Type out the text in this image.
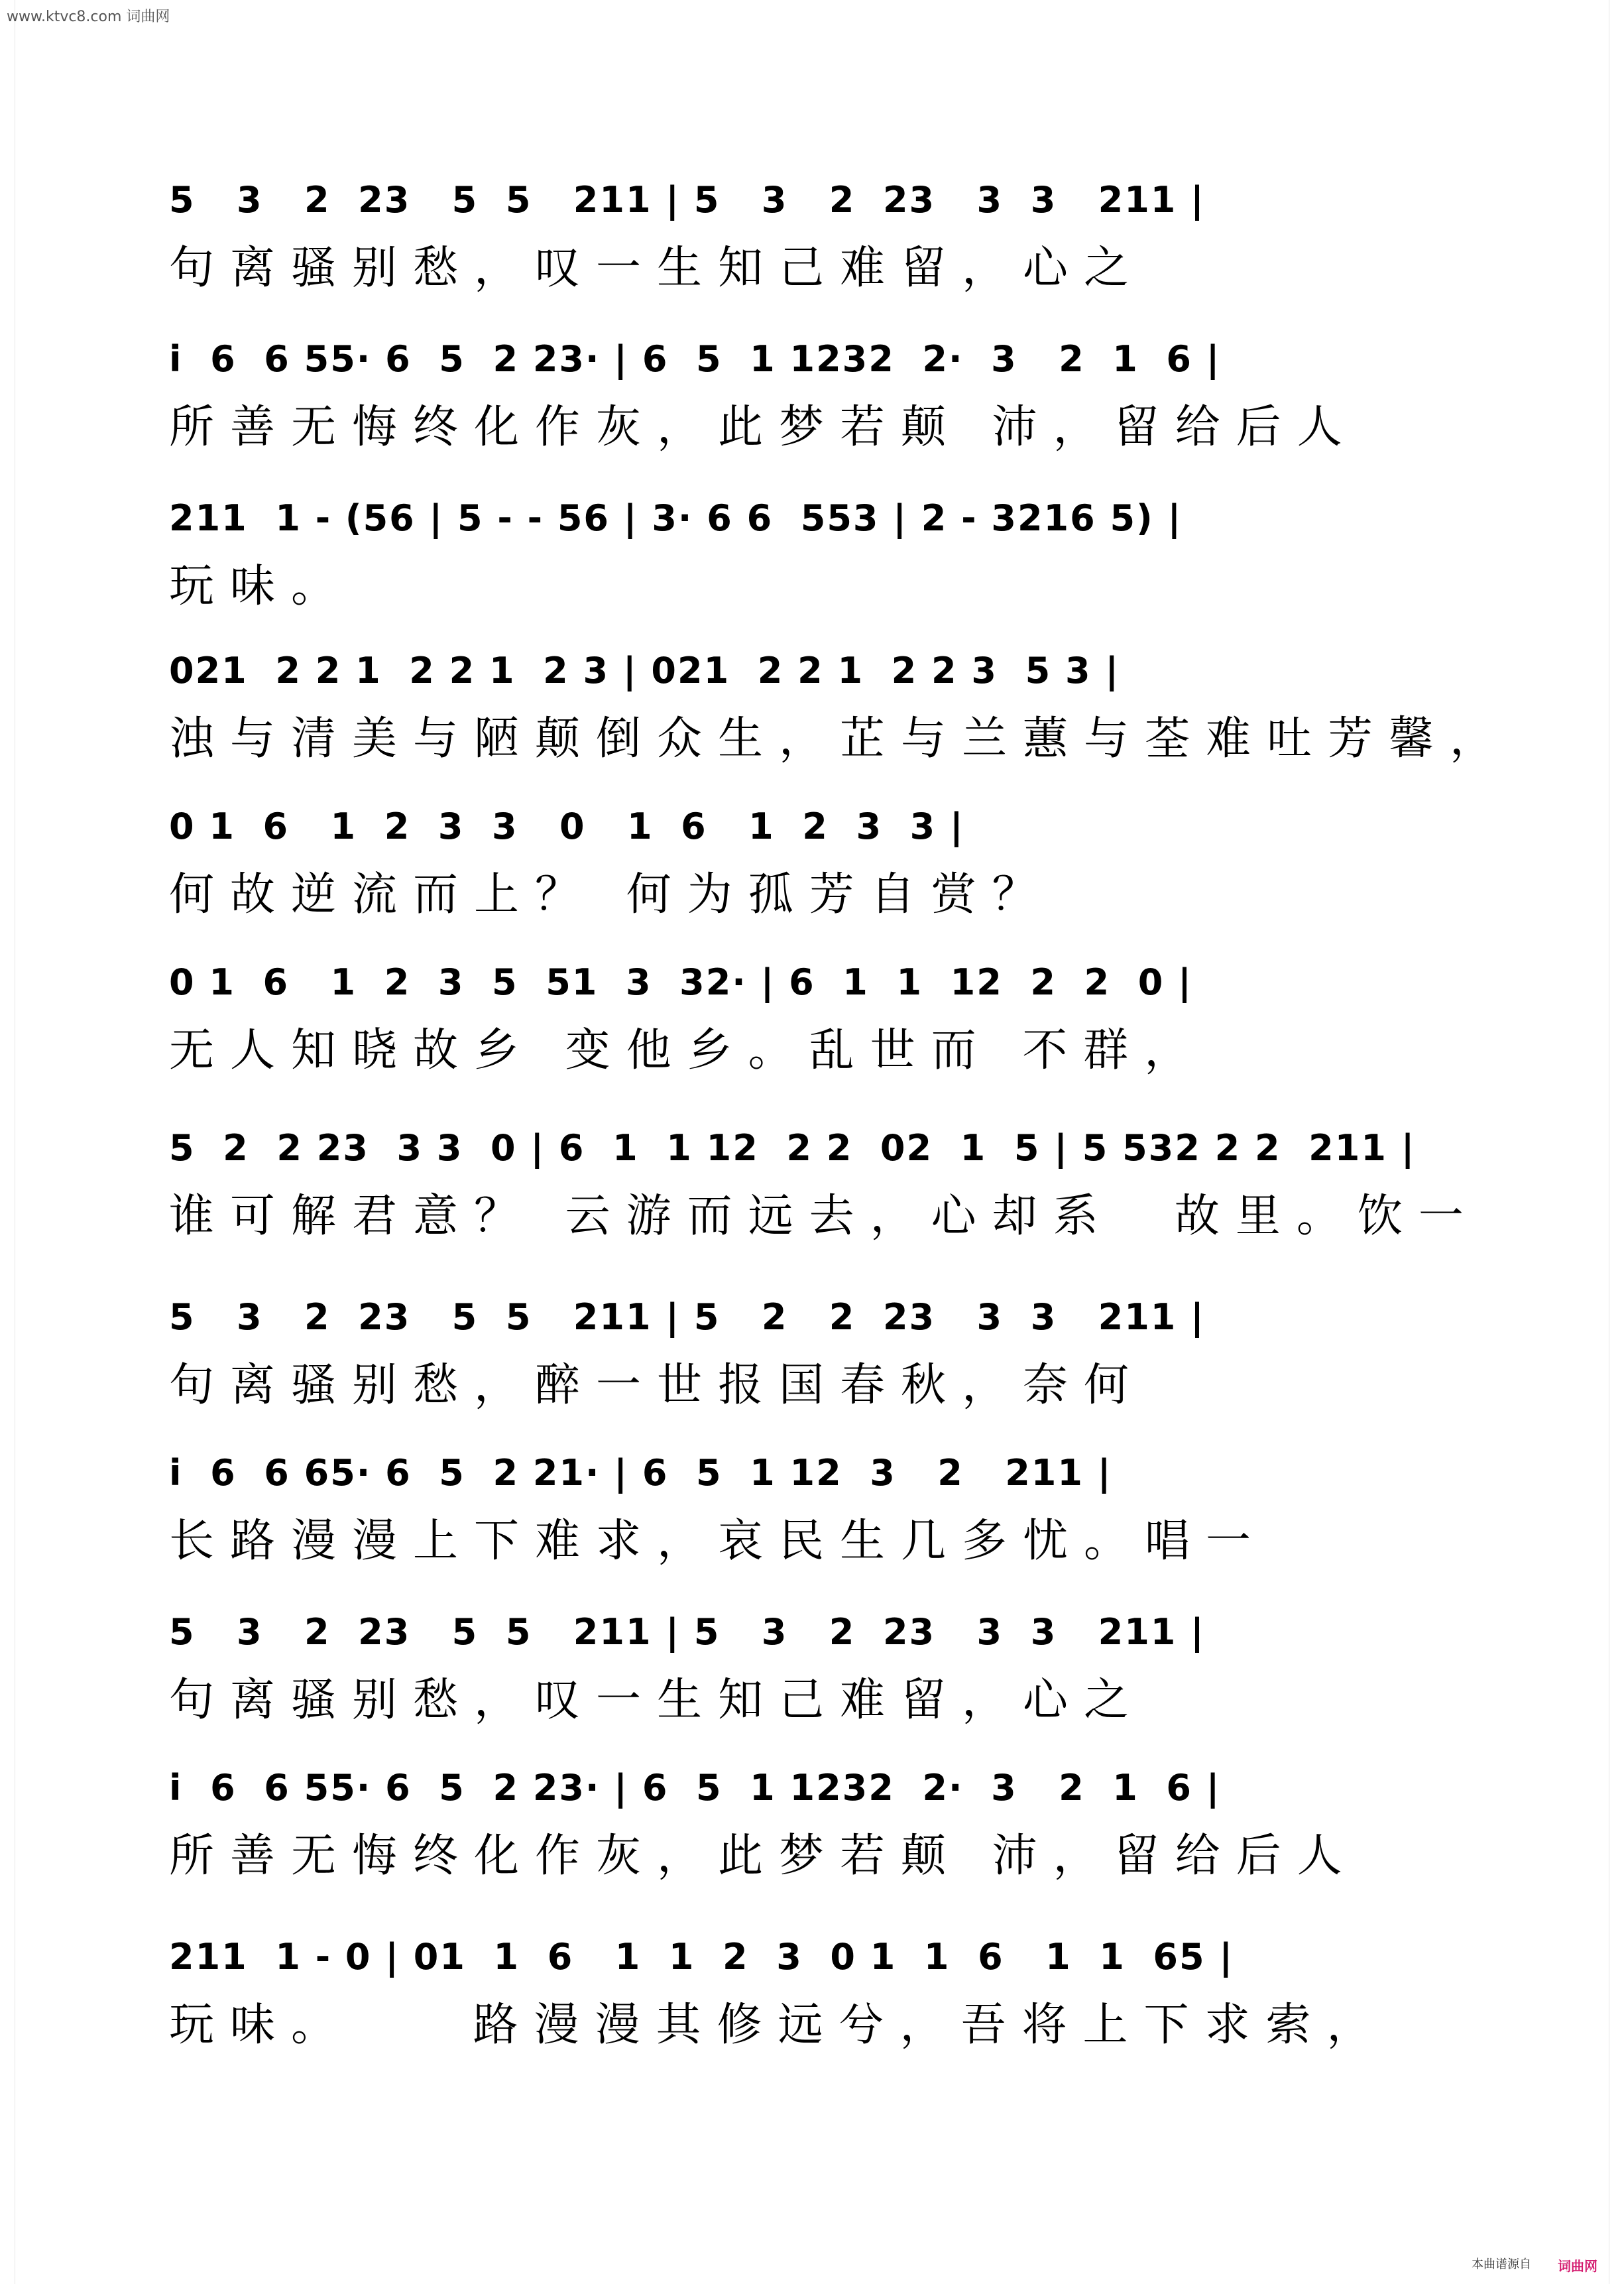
www.ktvc8.com 词曲网
5   3   2  23   5  5   211 | 5   3   2  23   3  3   211 |
句离骚别愁，叹一生知己难留，心之
i  6  6 55· 6  5  2 23· | 6  5  1 1232  2·  3   2  1  6 |
所善无悔终化作灰，此梦若颠 沛，留给后人
211  1 - (56 | 5 - - 56 | 3· 6 6  553 | 2 - 3216 5) |
玩味。
021  2 2 1  2 2 1  2 3 | 021  2 2 1  2 2 3  5 3 |
浊与清美与陋颠倒众生，芷与兰蕙与荃难吐芳馨，
0 1  6   1  2  3  3   0   1  6   1  2  3  3 |
何故逆流而上？ 何为孤芳自赏？
0 1  6   1  2  3  5  51  3  32· | 6  1  1  12  2  2  0 |
无人知晓故乡 变他乡。乱世而 不群，
5  2  2 23  3 3  0 | 6  1  1 12  2 2  02  1  5 | 5 532 2 2  211 |
谁可解君意？ 云游而远去，心却系  故里。饮一
5   3   2  23   5  5   211 | 5   2   2  23   3  3   211 |
句离骚别愁，醉一世报国春秋，奈何
i  6  6 65· 6  5  2 21· | 6  5  1 12  3   2   211 |
长路漫漫上下难求，哀民生几多忧。唱一
5   3   2  23   5  5   211 | 5   3   2  23   3  3   211 |
句离骚别愁，叹一生知己难留，心之
i  6  6 55· 6  5  2 23· | 6  5  1 1232  2·  3   2  1  6 |
所善无悔终化作灰，此梦若颠 沛，留给后人
211  1 - 0 | 01  1  6   1  1  2  3  0 1  1  6   1  1  65 |
玩味。    路漫漫其修远兮，吾将上下求索，
本曲谱源自 词曲网
